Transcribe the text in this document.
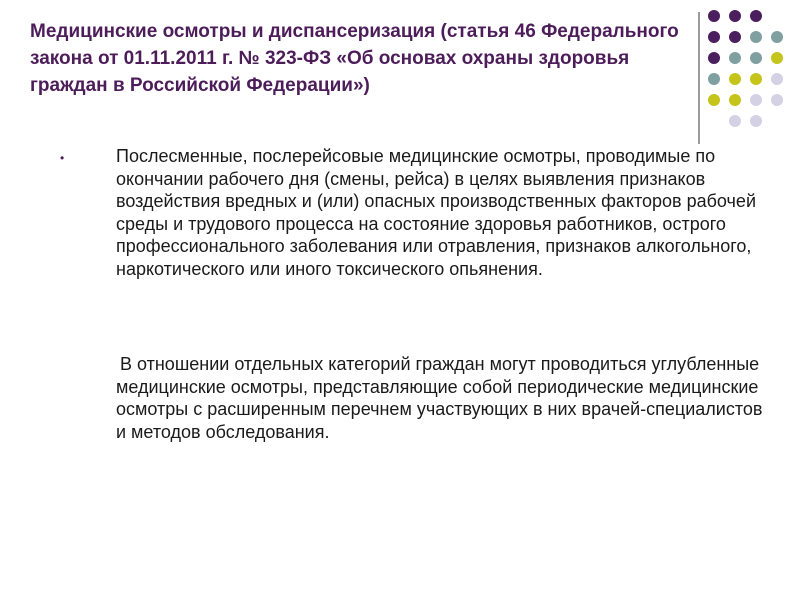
Медицинские осмотры и диспансеризация (статья 46 Федерального закона от 01.11.2011 г. № 323-ФЗ «Об основах охраны здоровья граждан в Российской Федерации»)
•	Послесменные, послерейсовые медицинские осмотры, проводимые по окончании рабочего дня (смены, рейса) в целях выявления признаков воздействия вредных и (или) опасных производственных факторов рабочей среды и трудового процесса на состояние здоровья работников, острого профессионального заболевания или отравления, признаков алкогольного, наркотического или иного токсического опьянения.

В отношении отдельных категорий граждан могут проводиться углубленные медицинские осмотры, представляющие собой периодические медицинские осмотры с расширенным перечнем участвующих в них врачей-специалистов и методов обследования.
